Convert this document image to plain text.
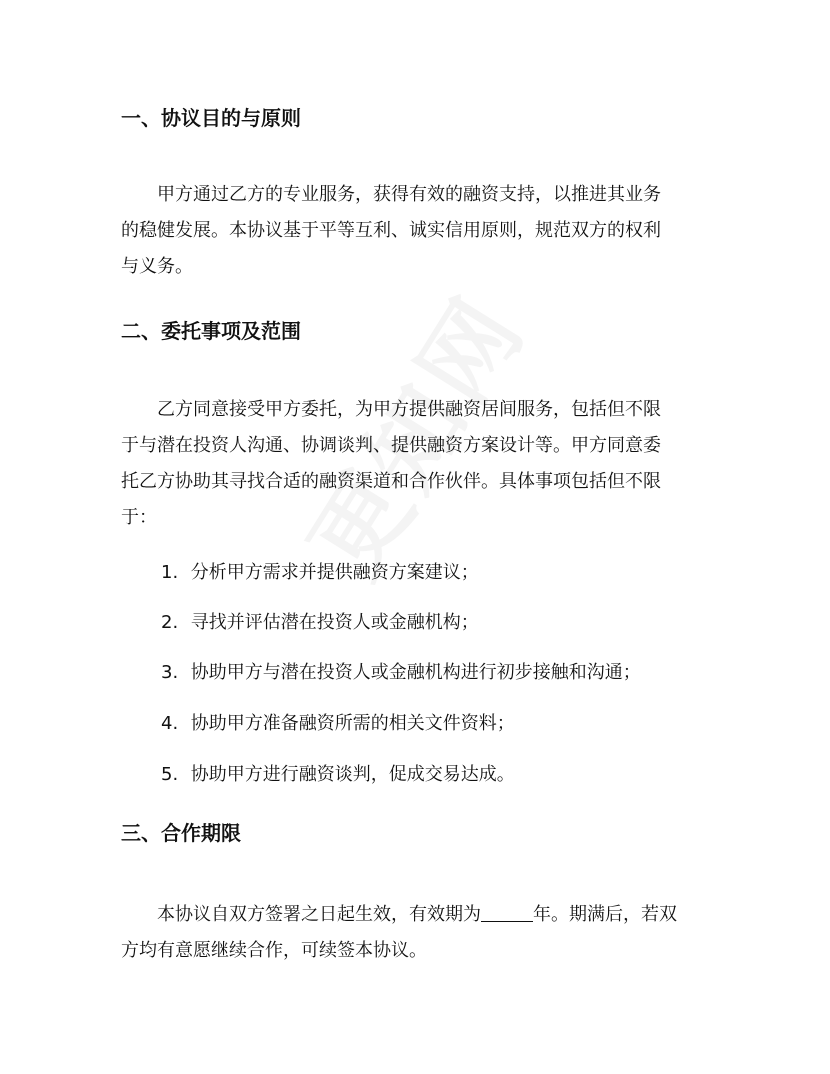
一、协议目的与原则

　　甲方通过乙方的专业服务，获得有效的融资支持，以推进其业务
的稳健发展。本协议基于平等互利、诚实信用原则，规范双方的权利
与义务。

二、委托事项及范围

　　乙方同意接受甲方委托，为甲方提供融资居间服务，包括但不限
于与潜在投资人沟通、协调谈判、提供融资方案设计等。甲方同意委
托乙方协助其寻找合适的融资渠道和合作伙伴。具体事项包括但不限
于：

1. 分析甲方需求并提供融资方案建议；
2. 寻找并评估潜在投资人或金融机构；
3. 协助甲方与潜在投资人或金融机构进行初步接触和沟通；
4. 协助甲方准备融资所需的相关文件资料；
5. 协助甲方进行融资谈判，促成交易达成。
三、合作期限

　　本协议自双方签署之日起生效，有效期为	年。期满后，若双
方均有意愿继续合作，可续签本协议。
